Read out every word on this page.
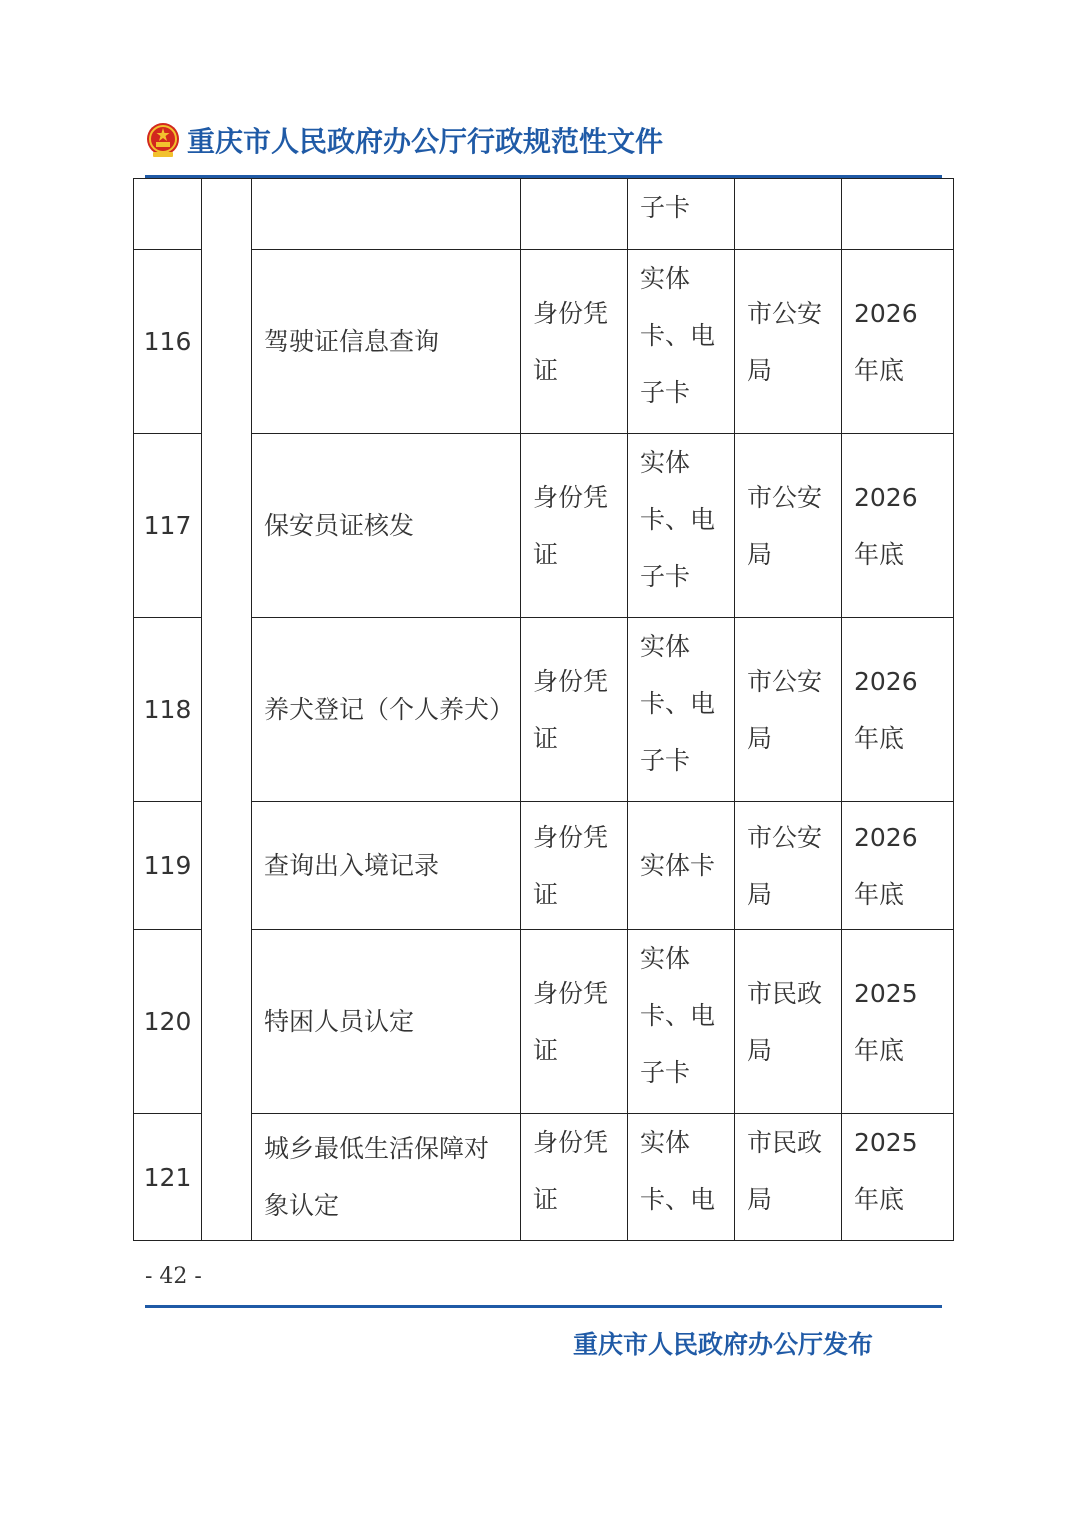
重庆市人民政府办公厅行政规范性文件
				子卡		
116		驾驶证信息查询	身份凭证	实体卡、电子卡	市公安局	2026年底
117		保安员证核发	身份凭证	实体卡、电子卡	市公安局	2026年底
118		养犬登记（个人养犬）	身份凭证	实体卡、电子卡	市公安局	2026年底
119		查询出入境记录	身份凭证	实体卡	市公安局	2026年底
120		特困人员认定	身份凭证	实体卡、电子卡	市民政局	2025年底
121		城乡最低生活保障对象认定	身份凭证	实体卡、电	市民政局	2025年底
- 42 -
重庆市人民政府办公厅发布
